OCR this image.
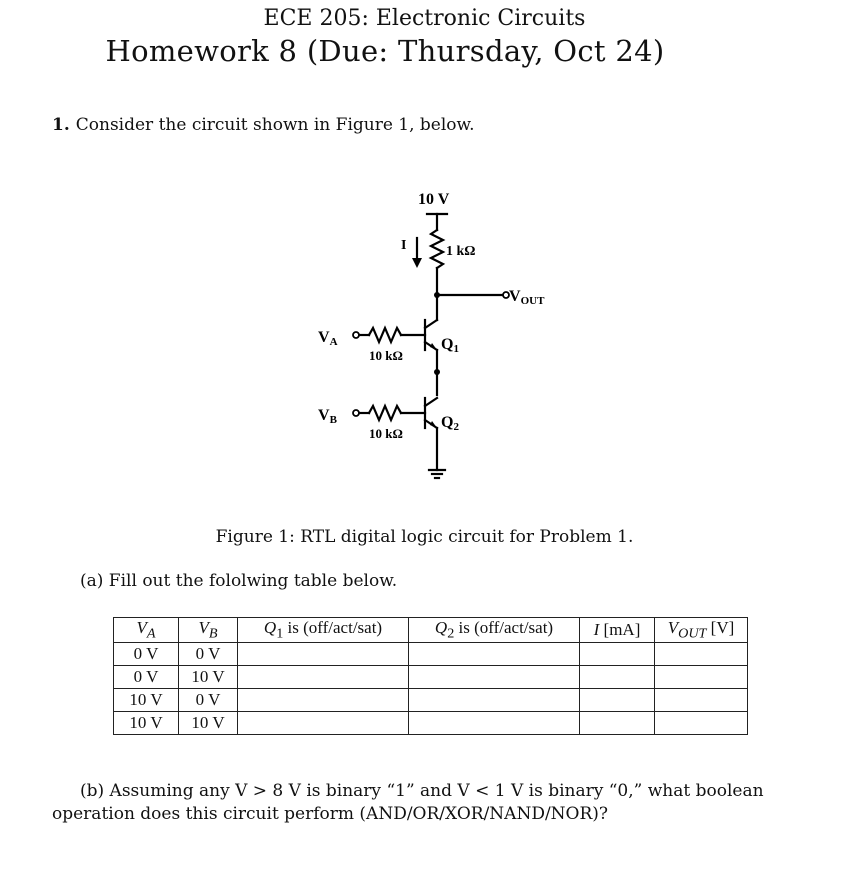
ECE 205: Electronic Circuits
Homework 8 (Due: Thursday, Oct 24)
1. Consider the circuit shown in Figure 1, below.
10 V
I	1 kΩ
VOUT
VA
10 kΩ
Q1
VB
10 kΩ
Q2
Figure 1: RTL digital logic circuit for Problem 1.
(a) Fill out the fololwing table below.
$V_A$	$V_B$	$Q_1$ is (off/act/sat)	$Q_2$ is (off/act/sat)	I [mA]	$V_{OUT}$ [V]
0 V	0 V				
0 V	10 V				
10 V	0 V				
10 V	10 V				
(b) Assuming any V > 8 V is binary “1” and V < 1 V is binary “0,” what boolean operation does this circuit perform (AND/OR/XOR/NAND/NOR)?
